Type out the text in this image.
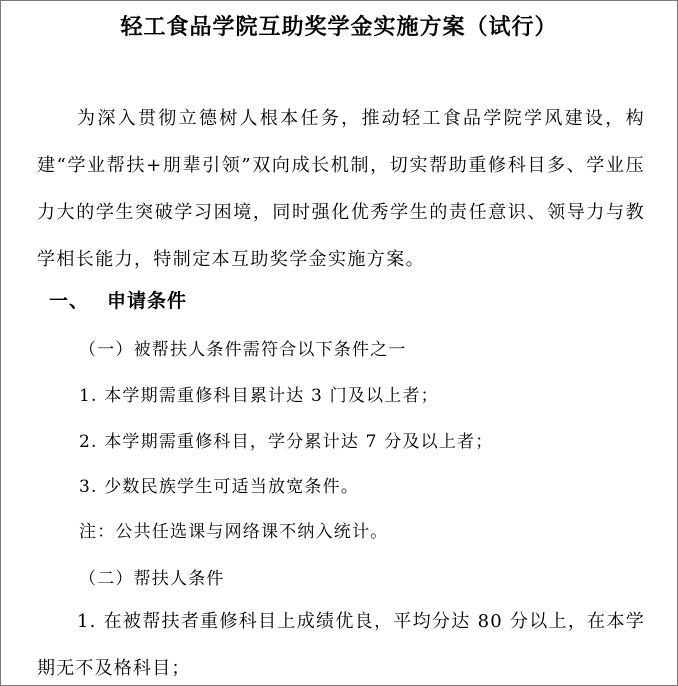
轻工食品学院互助奖学金实施方案（试行）
为深入贯彻立德树人根本任务，推动轻工食品学院学风建设，构建“学业帮扶+朋辈引领”双向成长机制，切实帮助重修科目多、学业压力大的学生突破学习困境，同时强化优秀学生的责任意识、领导力与教学相长能力，特制定本互助奖学金实施方案。
一、 申请条件
（一）被帮扶人条件需符合以下条件之一
1. 本学期需重修科目累计达 3 门及以上者；
2. 本学期需重修科目，学分累计达 7 分及以上者；
3. 少数民族学生可适当放宽条件。
注：公共任选课与网络课不纳入统计。
（二）帮扶人条件
1. 在被帮扶者重修科目上成绩优良，平均分达 80 分以上，在本学期无不及格科目；
